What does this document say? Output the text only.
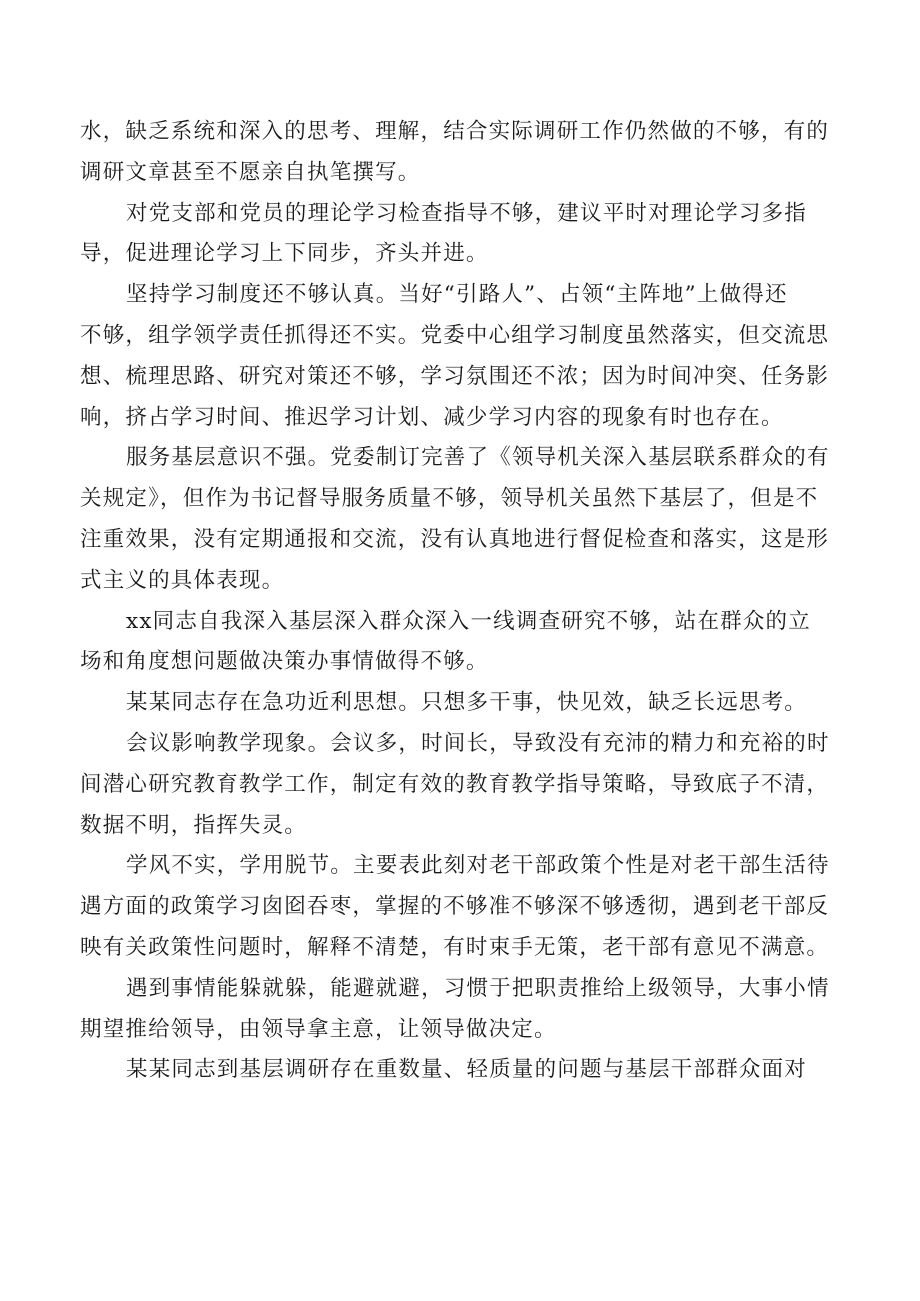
水，缺乏系统和深入的思考、理解，结合实际调研工作仍然做的不够，有的
调研文章甚至不愿亲自执笔撰写。

对党支部和党员的理论学习检查指导不够，建议平时对理论学习多指
导，促进理论学习上下同步，齐头并进。

坚持学习制度还不够认真。当好“引路人”、占领“主阵地”上做得还
不够，组学领学责任抓得还不实。党委中心组学习制度虽然落实，但交流思
想、梳理思路、研究对策还不够，学习氛围还不浓；因为时间冲突、任务影
响，挤占学习时间、推迟学习计划、减少学习内容的现象有时也存在。

服务基层意识不强。党委制订完善了《领导机关深入基层联系群众的有
关规定》，但作为书记督导服务质量不够，领导机关虽然下基层了，但是不
注重效果，没有定期通报和交流，没有认真地进行督促检查和落实，这是形
式主义的具体表现。

xx同志自我深入基层深入群众深入一线调查研究不够，站在群众的立
场和角度想问题做决策办事情做得不够。

某某同志存在急功近利思想。只想多干事，快见效，缺乏长远思考。

会议影响教学现象。会议多，时间长，导致没有充沛的精力和充裕的时
间潜心研究教育教学工作，制定有效的教育教学指导策略，导致底子不清，
数据不明，指挥失灵。

学风不实，学用脱节。主要表此刻对老干部政策个性是对老干部生活待
遇方面的政策学习囱囵吞枣，掌握的不够准不够深不够透彻，遇到老干部反
映有关政策性问题时，解释不清楚，有时束手无策，老干部有意见不满意。

遇到事情能躲就躲，能避就避，习惯于把职责推给上级领导，大事小情
期望推给领导，由领导拿主意，让领导做决定。

某某同志到基层调研存在重数量、轻质量的问题与基层干部群众面对
